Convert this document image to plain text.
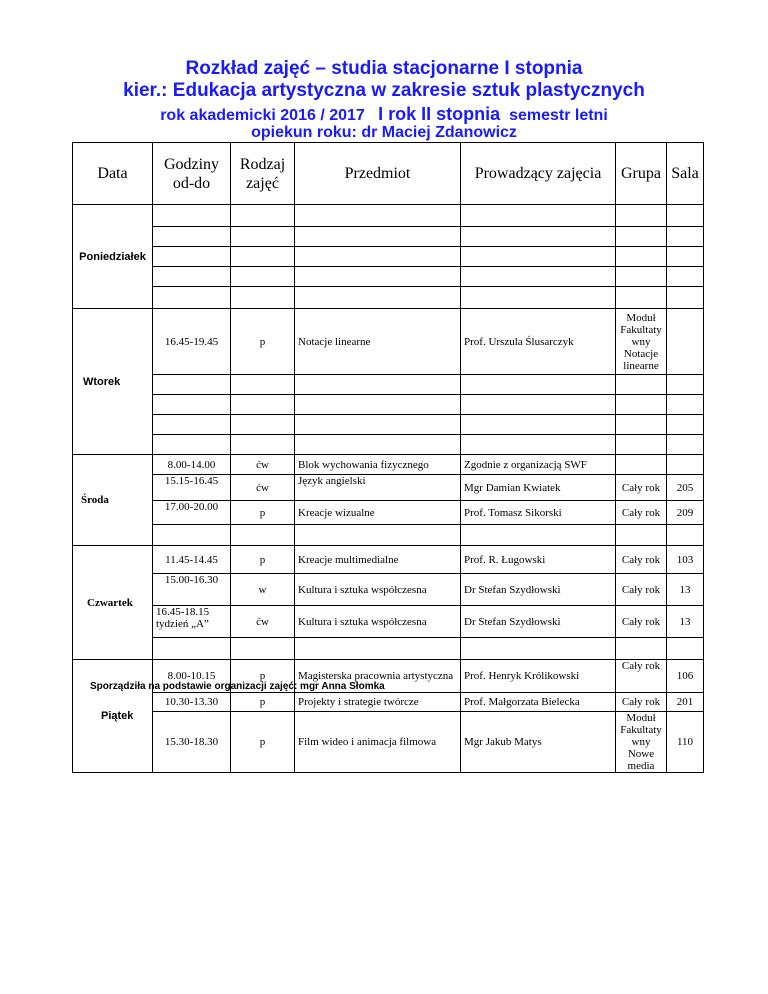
Rozkład zajęć – studia stacjonarne I stopnia
kier.: Edukacja artystyczna w zakresie sztuk plastycznych
rok akademicki 2016 / 2017 I rok II stopnia semestr letni
opiekun roku: dr Maciej Zdanowicz
Data	Godziny od-do	Rodzaj zajęć	Przedmiot	Prowadzący zajęcia	Grupa	Sala
Poniedziałek						

Wtorek	16.45-19.45	p	Notacje linearne	Prof. Urszula Ślusarczyk	Moduł Fakultaty wny Notacje linearne	

Środa	8.00-14.00	ćw	Blok wychowania fizycznego	Zgodnie z organizacją SWF		
	15.15-16.45	ćw	Język angielski	Mgr Damian Kwiatek	Cały rok	205
	17.00-20.00	p	Kreacje wizualne	Prof. Tomasz Sikorski	Cały rok	209

Czwartek	11.45-14.45	p	Kreacje multimedialne	Prof. R. Ługowski	Cały rok	103
	15.00-16.30	w	Kultura i sztuka współczesna	Dr Stefan Szydłowski	Cały rok	13
	16.45-18.15 tydzień „A”	ćw	Kultura i sztuka współczesna	Dr Stefan Szydłowski	Cały rok	13

Piątek	8.00-10.15	p	Magisterska pracownia artystyczna	Prof. Henryk Królikowski	Cały rok	106
	10.30-13.30	p	Projekty i strategie twórcze	Prof. Małgorzata Bielecka	Cały rok	201
	15.30-18.30	p	Film wideo i animacja filmowa	Mgr Jakub Matys	Moduł Fakultaty wny Nowe media	110
Sporządziła na podstawie organizacji zajęć: mgr Anna Słomka
